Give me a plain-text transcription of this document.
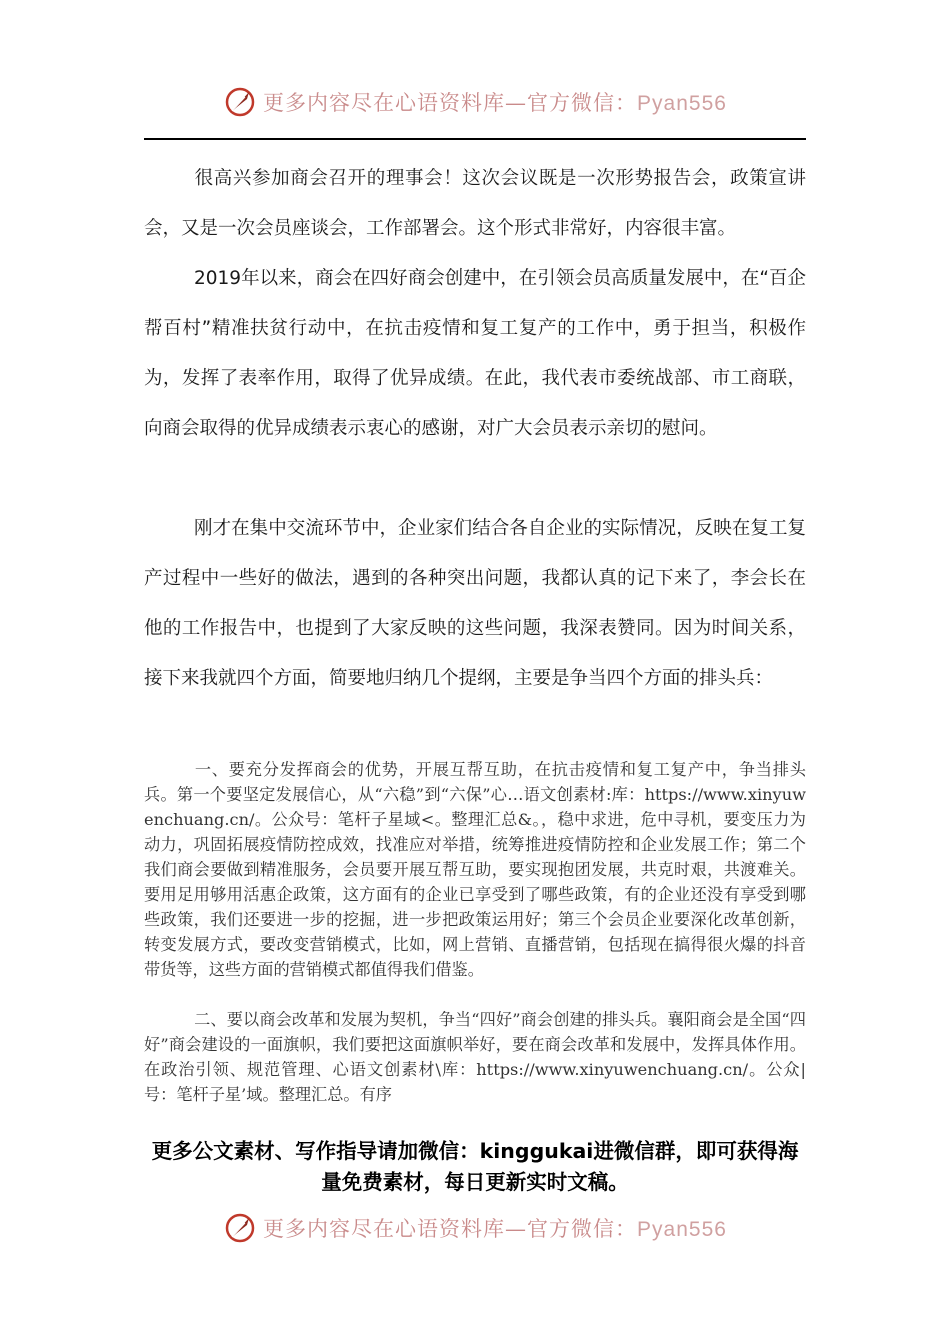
更多内容尽在心语资料库—官方微信：Pyan556

很高兴参加商会召开的理事会！这次会议既是一次形势报告会，政策宣讲会，又是一次会员座谈会，工作部署会。这个形式非常好，内容很丰富。

2019年以来，商会在四好商会创建中，在引领会员高质量发展中，在“百企帮百村”精准扶贫行动中，在抗击疫情和复工复产的工作中，勇于担当，积极作为，发挥了表率作用，取得了优异成绩。在此，我代表市委统战部、市工商联，向商会取得的优异成绩表示衷心的感谢，对广大会员表示亲切的慰问。

刚才在集中交流环节中，企业家们结合各自企业的实际情况，反映在复工复产过程中一些好的做法，遇到的各种突出问题，我都认真的记下来了，李会长在他的工作报告中，也提到了大家反映的这些问题，我深表赞同。因为时间关系，接下来我就四个方面，简要地归纳几个提纲，主要是争当四个方面的排头兵：

一、要充分发挥商会的优势，开展互帮互助，在抗击疫情和复工复产中，争当排头兵。第一个要坚定发展信心，从“六稳”到“六保”心…语文创素材:库：https://www.xinyuwenchuang.cn/。公众号：笔杆子星域<。整理汇总&。，稳中求进，危中寻机，要变压力为动力，巩固拓展疫情防控成效，找准应对举措，统筹推进疫情防控和企业发展工作；第二个我们商会要做到精准服务，会员要开展互帮互助，要实现抱团发展，共克时艰，共渡难关。要用足用够用活惠企政策，这方面有的企业已享受到了哪些政策，有的企业还没有享受到哪些政策，我们还要进一步的挖掘，进一步把政策运用好；第三个会员企业要深化改革创新，转变发展方式，要改变营销模式，比如，网上营销、直播营销，包括现在搞得很火爆的抖音带货等，这些方面的营销模式都值得我们借鉴。

二、要以商会改革和发展为契机，争当“四好”商会创建的排头兵。襄阳商会是全国“四好”商会建设的一面旗帜，我们要把这面旗帜举好，要在商会改革和发展中，发挥具体作用。在政治引领、规范管理、心语文创素材\库：https://www.xinyuwenchuang.cn/。公众|号：笔杆子星’域。整理汇总。有序

更多公文素材、写作指导请加微信：kinggukai进微信群，即可获得海量免费素材，每日更新实时文稿。

更多内容尽在心语资料库—官方微信：Pyan556
